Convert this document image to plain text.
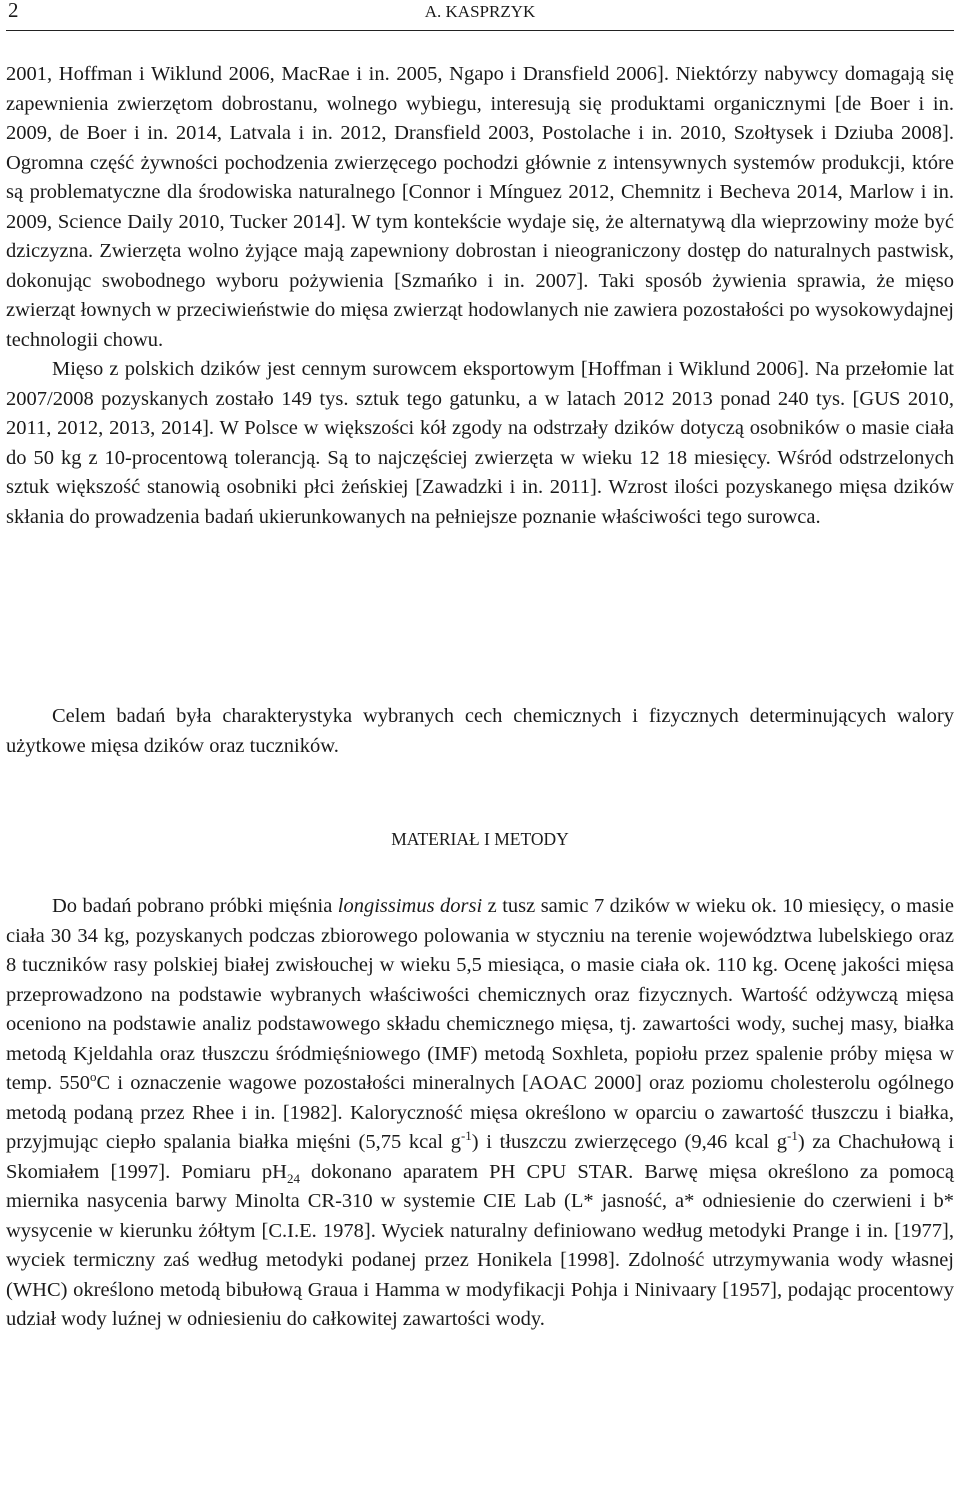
2	A. KASPRZYK

2001, Hoffman i Wiklund 2006, MacRae i in. 2005, Ngapo i Dransfield 2006]. Niektórzy nabywcy domagają się zapewnienia zwierzętom dobrostanu, wolnego wybiegu, interesują się produktami organicznymi [de Boer i in. 2009, de Boer i in. 2014, Latvala i in. 2012, Dransfield 2003, Postolache i in. 2010, Szołtysek i Dziuba 2008]. Ogromna część żywności pochodzenia zwierzęcego pochodzi głównie z intensywnych systemów produkcji, które są problematyczne dla środowiska naturalnego [Connor i Mínguez 2012, Chemnitz i Becheva 2014, Marlow i in. 2009, Science Daily 2010, Tucker 2014]. W tym kontekście wydaje się, że alternatywą dla wieprzowiny może być dziczyzna. Zwierzęta wolno żyjące mają zapewniony dobrostan i nieograniczony dostęp do naturalnych pastwisk, dokonując swobodnego wyboru pożywienia [Szmańko i in. 2007]. Taki sposób żywienia sprawia, że mięso zwierząt łownych w przeciwieństwie do mięsa zwierząt hodowlanych nie zawiera pozostałości po wysokowydajnej technologii chowu.

Mięso z polskich dzików jest cennym surowcem eksportowym [Hoffman i Wiklund 2006]. Na przełomie lat 2007/2008 pozyskanych zostało 149 tys. sztuk tego gatunku, a w latach 2012 2013 ponad 240 tys. [GUS 2010, 2011, 2012, 2013, 2014]. W Polsce w większości kół zgody na odstrzały dzików dotyczą osobników o masie ciała do 50 kg z 10-procentową tolerancją. Są to najczęściej zwierzęta w wieku 12 18 miesięcy. Wśród odstrzelonych sztuk większość stanowią osobniki płci żeńskiej [Zawadzki i in. 2011]. Wzrost ilości pozyskanego mięsa dzików skłania do prowadzenia badań ukierunkowanych na pełniejsze poznanie właściwości tego surowca.

Celem badań była charakterystyka wybranych cech chemicznych i fizycznych determinujących walory użytkowe mięsa dzików oraz tuczników.

MATERIAŁ I METODY

Do badań pobrano próbki mięśnia longissimus dorsi z tusz samic 7 dzików w wieku ok. 10 miesięcy, o masie ciała 30 34 kg, pozyskanych podczas zbiorowego polowania w styczniu na terenie województwa lubelskiego oraz 8 tuczników rasy polskiej białej zwisłouchej w wieku 5,5 miesiąca, o masie ciała ok. 110 kg. Ocenę jakości mięsa przeprowadzono na podstawie wybranych właściwości chemicznych oraz fizycznych. Wartość odżywczą mięsa oceniono na podstawie analiz podstawowego składu chemicznego mięsa, tj. zawartości wody, suchej masy, białka metodą Kjeldahla oraz tłuszczu śródmięśniowego (IMF) metodą Soxhleta, popiołu przez spalenie próby mięsa w temp. 550$^o$C i oznaczenie wagowe pozostałości mineralnych [AOAC 2000] oraz poziomu cholesterolu ogólnego metodą podaną przez Rhee i in. [1982]. Kaloryczność mięsa określono w oparciu o zawartość tłuszczu i białka, przyjmując ciepło spalania białka mięśni (5,75 kcal $g^{-1}$) i tłuszczu zwierzęcego (9,46 kcal $g^{-1}$) za Chachułową i Skomiałem [1997]. Pomiaru $pH_{24}$ dokonano aparatem PH CPU STAR. Barwę mięsa określono za pomocą miernika nasycenia barwy Minolta CR-310 w systemie CIE Lab (L* jasność, a* odniesienie do czerwieni i b* wysycenie w kierunku żółtym [C.I.E. 1978]. Wyciek naturalny definiowano według metodyki Prange i in. [1977], wyciek termiczny zaś według metodyki podanej przez Honikela [1998]. Zdolność utrzymywania wody własnej (WHC) określono metodą bibułową Graua i Hamma w modyfikacji Pohja i Ninivaary [1957], podając procentowy udział wody luźnej w odniesieniu do całkowitej zawartości wody.
